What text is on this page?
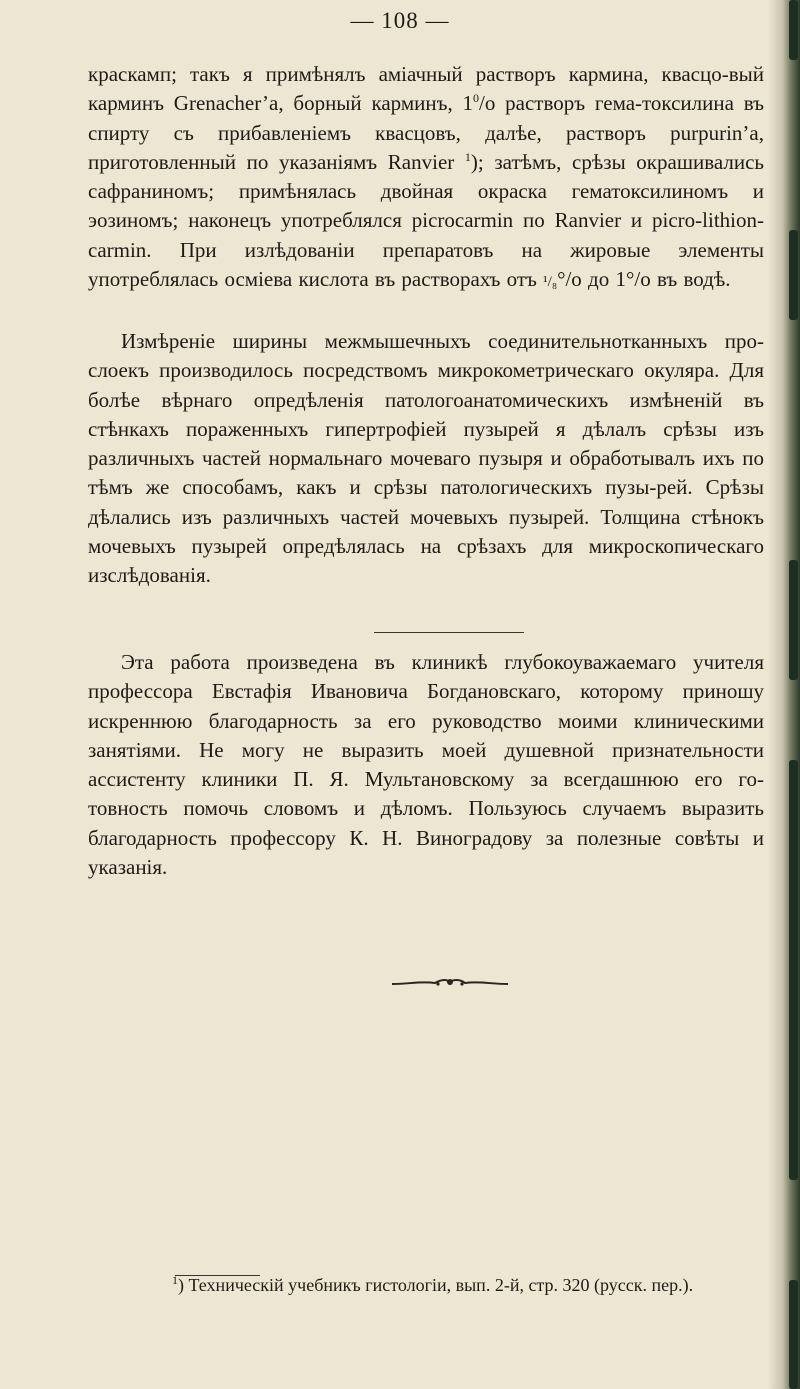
— 108 —

краскамп; такъ я примѣнялъ аміачный растворъ кармина, квасцо-вый карминъ Grenacher’a, борный карминъ, $1^0/o$ растворъ гема-токсилина въ спирту съ прибавленіемъ квасцовъ, далѣе, растворъ purpurin’a, приготовленный по указаніямъ Ranvier $^1$); затѣмъ, срѣзы окрашивались сафраниномъ; примѣнялась двойная окраска гематоксилиномъ и эозиномъ; наконецъ употреблялся picrocarmin по Ranvier и picro-lithion-carmin. При излѣдованіи препаратовъ на жировые элементы употреблялась осміева кислота въ растворахъ отъ ¹/₈°/o до 1°/o въ водѣ.

Измѣреніе ширины межмышечныхъ соединительнотканныхъ про-слоекъ производилось посредствомъ микрокометрическаго окуляра. Для болѣе вѣрнаго опредѣленія патологоанатомическихъ измѣненій въ стѣнкахъ пораженныхъ гипертрофіей пузырей я дѣлалъ срѣзы изъ различныхъ частей нормальнаго мочеваго пузыря и обработывалъ ихъ по тѣмъ же способамъ, какъ и срѣзы патологическихъ пузы-рей. Срѣзы дѣлались изъ различныхъ частей мочевыхъ пузырей. Толщина стѣнокъ мочевыхъ пузырей опредѣлялась на срѣзахъ для микроскопическаго изслѣдованія.

Эта работа произведена въ клиникѣ глубокоуважаемаго учителя профессора Евстафія Ивановича Богдановскаго, которому приношу искреннюю благодарность за его руководство моими клиническими занятіями. Не могу не выразить моей душевной признательности ассистенту клиники П. Я. Мультановскому за всегдашнюю его го-товность помочь словомъ и дѣломъ. Пользуюсь случаемъ выразить благодарность профессору К. Н. Виноградову за полезные совѣты и указанія.

$^1$) Техническій учебникъ гистологіи, вып. 2-й, стр. 320 (русск. пер.).
